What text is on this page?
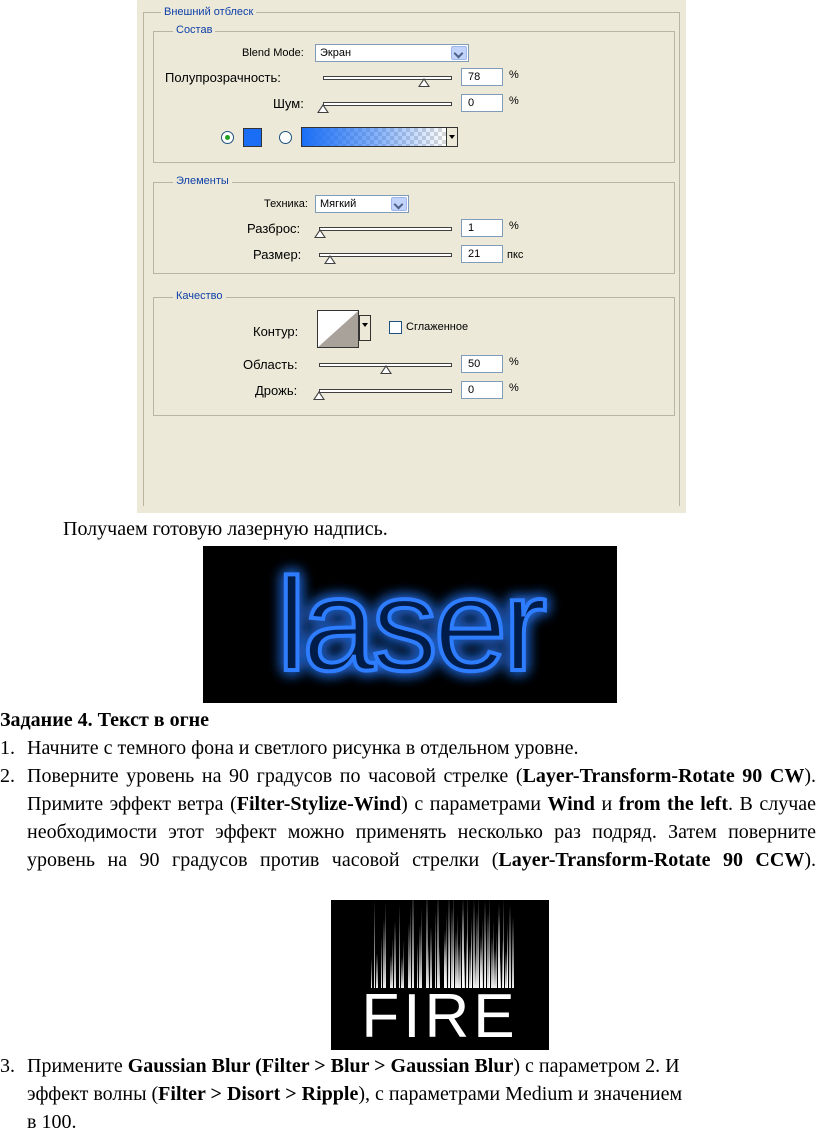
Внешний отблеск
Состав
Blend Mode:	Экран
Полупрозрачность:	78	%
Шум:	0	%
Элементы
Техника:	Мягкий
Разброс:	1	%
Размер:	21	пкс
Качество
Контур:	Сглаженное
Область:	50	%
Дрожь:	0	%
Получаем готовую лазерную надпись.
laser
Задание 4. Текст в огне
1. Начните с темного фона и светлого рисунка в отдельном уровне.
2. Поверните уровень на 90 градусов по часовой стрелке (Layer-Transform-Rotate 90 CW). Примите эффект ветра (Filter-Stylize-Wind) с параметрами Wind и from the left. В случае необходимости этот эффект можно применять несколько раз подряд. Затем поверните уровень на 90 градусов против часовой стрелки (Layer-Transform-Rotate 90 CCW).
FIRE
3. Примените Gaussian Blur (Filter > Blur > Gaussian Blur) с параметром 2. И
эффект волны (Filter > Disort > Ripple), с параметрами Medium и значением
в 100.
